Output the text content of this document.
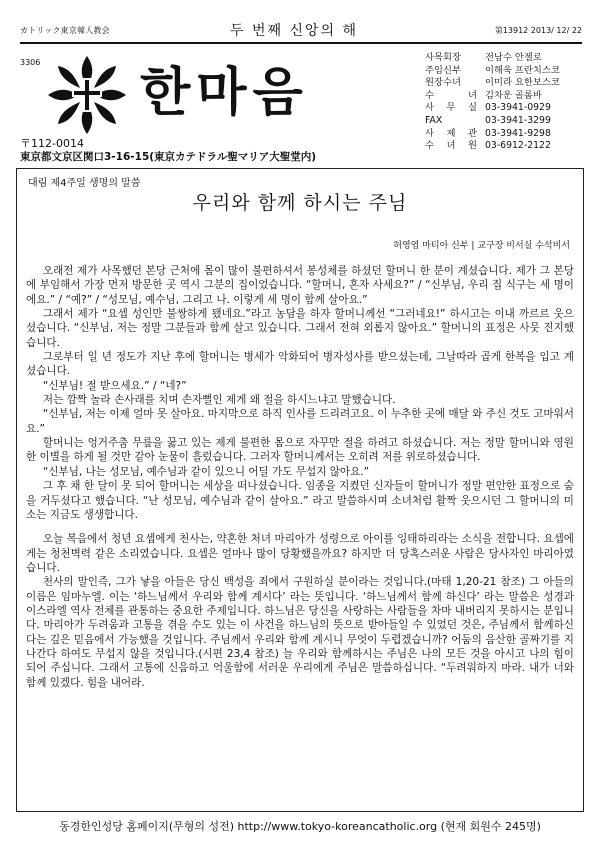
カトリック東京韓人教会	두 번째 신앙의 해	第13912 2013/ 12/ 22
3306 한마음
〒112-0014
東京都文京区関口3-16-15(東京カテドラル聖マリア大聖堂内)
사목회장	전남수 안젤로
주임신부	이해욱 프란치스코
원장수녀	이미라 요한보스코
수 녀 김차운 골롬바
사 무 실 03-3941-0929
FAX	03-3941-3299
사 제 관 03-3941-9298
수 녀 원 03-6912-2122
대림 제4주일 생명의 말씀
우리와 함께 하시는 주님
허영엽 마티아 신부 | 교구장 비서실 수석비서

오래전 제가 사목했던 본당 근처에 몸이 많이 불편하셔서 봉성체를 하셨던 할머니 한 분이 계셨습니다. 제가 그 본당에 부임해서 가장 먼저 방문한 곳 역시 그분의 집이었습니다. “할머니, 혼자 사세요?” / “신부님, 우리 집 식구는 세 명이에요.” / “예?” / “성모님, 예수님, 그리고 나. 이렇게 세 명이 함께 살아요.”

그래서 제가 “요셉 성인만 불쌍하게 됐네요.”라고 농담을 하자 할머니께선 “그러네요!” 하시고는 이내 까르르 웃으셨습니다. “신부님, 저는 정말 그분들과 함께 살고 있습니다. 그래서 전혀 외롭지 않아요.” 할머니의 표정은 사뭇 진지했습니다.

그로부터 일 년 정도가 지난 후에 할머니는 병세가 악화되어 병자성사를 받으셨는데, 그날따라 곱게 한복을 입고 계셨습니다.

“신부님! 절 받으세요.” / “네?”

저는 깜짝 놀라 손사래를 치며 손자뻘인 제게 왜 절을 하시느냐고 말했습니다.

“신부님, 저는 이제 얼마 못 살아요. 마지막으로 하직 인사를 드리려고요. 이 누추한 곳에 매달 와 주신 것도 고마워서요.”

할머니는 엉거주춤 무릎을 꿇고 있는 제게 불편한 몸으로 자꾸만 절을 하려고 하셨습니다. 저는 정말 할머니와 영원한 이별을 하게 될 것만 같아 눈물이 흘렀습니다. 그러자 할머니께서는 오히려 저를 위로하셨습니다.

“신부님, 나는 성모님, 예수님과 같이 있으니 어딜 가도 무섭지 않아요.”

그 후 채 한 달이 못 되어 할머니는 세상을 떠나셨습니다. 임종을 지켰던 신자들이 할머니가 정말 편안한 표정으로 숨을 거두셨다고 했습니다. “난 성모님, 예수님과 같이 살아요.” 라고 말씀하시며 소녀처럼 활짝 웃으시던 그 할머니의 미소는 지금도 생생합니다.

오늘 복음에서 청년 요셉에게 천사는, 약혼한 처녀 마리아가 성령으로 아이를 잉태하리라는 소식을 전합니다. 요셉에게는 청천벽력 같은 소리였습니다. 요셉은 얼마나 많이 당황했을까요? 하지만 더 당혹스러운 사람은 당사자인 마리아였습니다.

천사의 말인즉, 그가 낳을 아들은 당신 백성을 죄에서 구원하실 분이라는 것입니다.(마태 1,20-21 참조) 그 아들의 이름은 임마누엘. 이는 ‘하느님께서 우리와 함께 계시다’ 라는 뜻입니다. ‘하느님께서 함께 하신다’ 라는 말씀은 성경과 이스라엘 역사 전체를 관통하는 중요한 주제입니다. 하느님은 당신을 사랑하는 사람들을 차마 내버리지 못하시는 분입니다. 마리아가 두려움과 고통을 겪을 수도 있는 이 사건을 하느님의 뜻으로 받아들일 수 있었던 것은, 주님께서 함께하신다는 깊은 믿음에서 가능했을 것입니다. 주님께서 우리와 함께 계시니 무엇이 두렵겠습니까? 어둠의 음산한 골짜기를 지나간다 하여도 무섭지 않을 것입니다.(시편 23,4 참조) 늘 우리와 함께하시는 주님은 나의 모든 것을 아시고 나의 힘이 되어 주십니다. 그래서 고통에 신음하고 억울함에 서러운 우리에게 주님은 말씀하십니다. “두려워하지 마라. 내가 너와 함께 있겠다. 힘을 내어라.

동경한인성당 홈페이지(무형의 성전) http://www.tokyo-koreancatholic.org (현재 회원수 245명)
